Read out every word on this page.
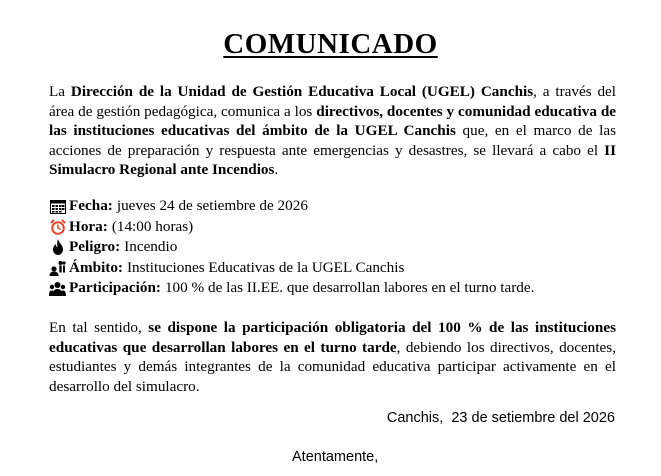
COMUNICADO
La Dirección de la Unidad de Gestión Educativa Local (UGEL) Canchis, a través del área de gestión pedagógica, comunica a los directivos, docentes y comunidad educativa de las instituciones educativas del ámbito de la UGEL Canchis que, en el marco de las acciones de preparación y respuesta ante emergencias y desastres, se llevará a cabo el II Simulacro Regional ante Incendios.
Fecha: jueves 24 de setiembre de 2026
Hora: (14:00 horas)
Peligro: Incendio
Ámbito: Instituciones Educativas de la UGEL Canchis
Participación: 100 % de las II.EE. que desarrollan labores en el turno tarde.
En tal sentido, se dispone la participación obligatoria del 100 % de las instituciones educativas que desarrollan labores en el turno tarde, debiendo los directivos, docentes, estudiantes y demás integrantes de la comunidad educativa participar activamente en el desarrollo del simulacro.
Canchis,  23 de setiembre del 2026
Atentamente,
